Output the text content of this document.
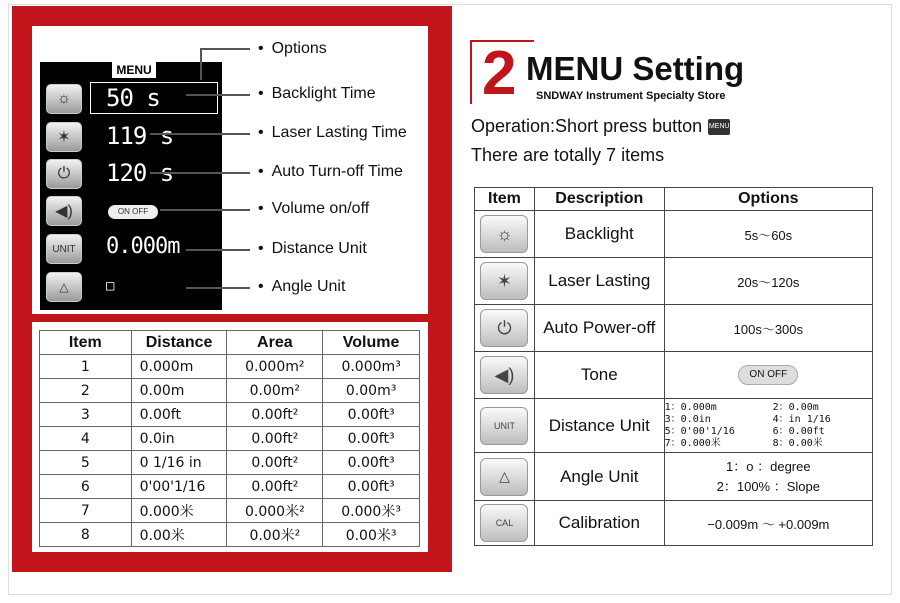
MENU
☼	50 s
✶	119 s
⏻	120 s
◀)	ON OFF
UNIT 0.000m
△	□
• Options
• Backlight Time
• Laser Lasting Time
• Auto Turn-off Time
• Volume on/off
• Distance Unit
• Angle Unit
Item	Distance	Area	Volume
1	0.000m	0.000m²	0.000m³
2	0.00m	0.00m²	0.00m³
3	0.00ft	0.00ft²	0.00ft³
4	0.0in	0.00ft²	0.00ft³
5	0 1/16 in	0.00ft²	0.00ft³
6	0'00'1/16	0.00ft²	0.00ft³
7	0.000米	0.000米²	0.000米³
8	0.00米	0.00米²	0.00米³
2 MENU Setting
SNDWAY Instrument Specialty Store
Operation:Short press button MENU
There are totally 7 items
Item	Description	Options

☼	Backlight	5s～60s

✶	Laser Lasting	20s～120s

⏻	Auto Power-off	100s～300s

◀)	Tone	ON OFF

UNIT	Distance Unit	1：0.000m 2：0.00m
3：0.0in 4：in 1/16
5：0'00'1/16 6：0.00ft
7：0.000米 8：0.00米

△	Angle Unit	1：o ：degree
2：100% ：Slope

CAL	Calibration	−0.009m ～ +0.009m
